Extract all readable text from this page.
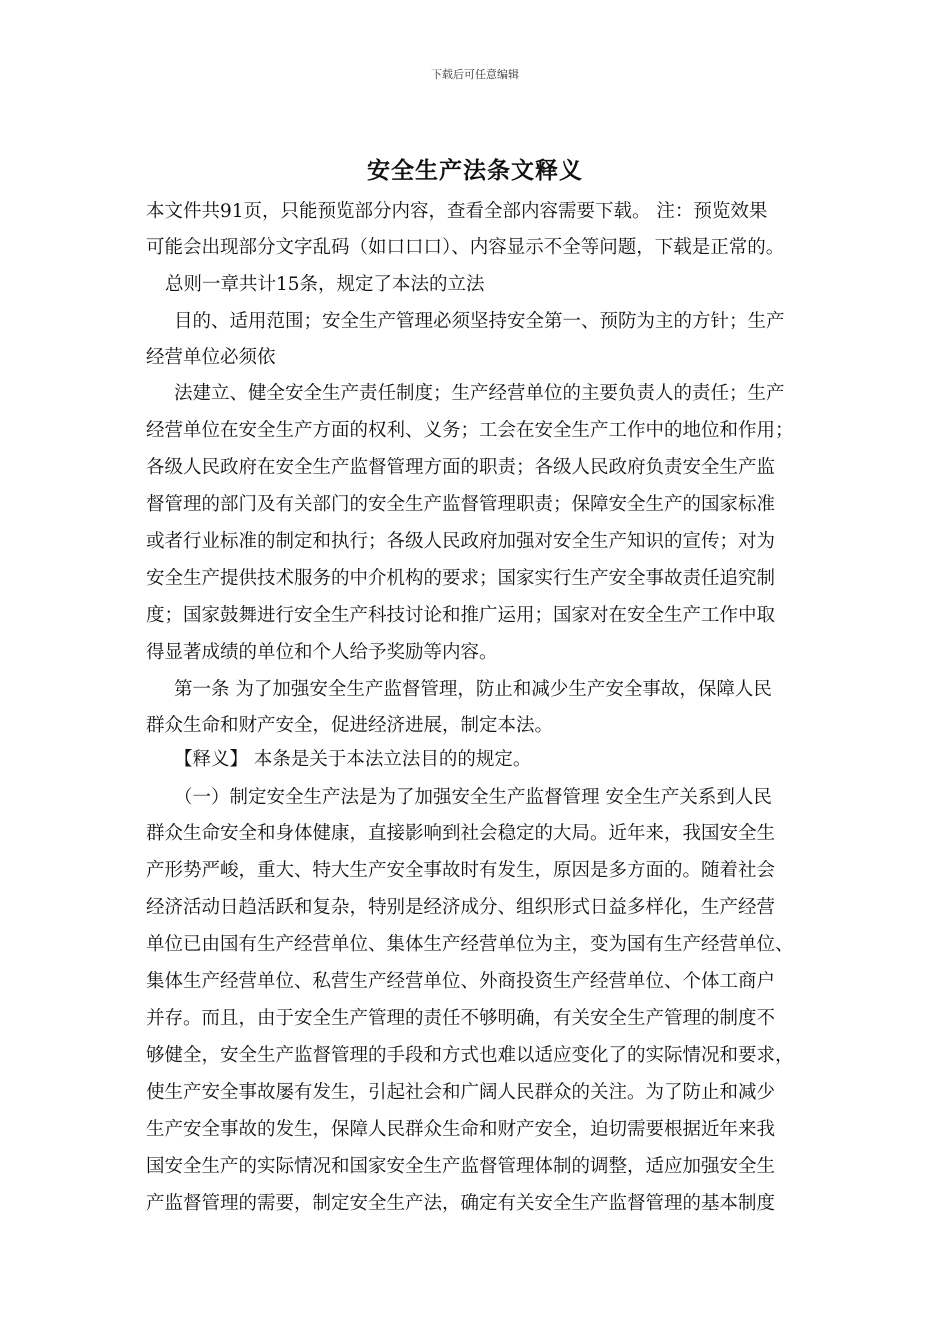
下载后可任意编辑
安全生产法条文释义
本文件共91页，只能预览部分内容，查看全部内容需要下载。 注：预览效果
可能会出现部分文字乱码（如口口口）、内容显示不全等问题，下载是正常的。
总则一章共计15条，规定了本法的立法
目的、适用范围；安全生产管理必须坚持安全第一、预防为主的方针；生产
经营单位必须依
法建立、健全安全生产责任制度；生产经营单位的主要负责人的责任；生产
经营单位在安全生产方面的权利、义务；工会在安全生产工作中的地位和作用；
各级人民政府在安全生产监督管理方面的职责；各级人民政府负责安全生产监
督管理的部门及有关部门的安全生产监督管理职责；保障安全生产的国家标准
或者行业标准的制定和执行；各级人民政府加强对安全生产知识的宣传；对为
安全生产提供技术服务的中介机构的要求；国家实行生产安全事故责任追究制
度；国家鼓舞进行安全生产科技讨论和推广运用；国家对在安全生产工作中取
得显著成绩的单位和个人给予奖励等内容。
第一条 为了加强安全生产监督管理，防止和减少生产安全事故，保障人民
群众生命和财产安全，促进经济进展，制定本法。
【释义】 本条是关于本法立法目的的规定。
（一）制定安全生产法是为了加强安全生产监督管理 安全生产关系到人民
群众生命安全和身体健康，直接影响到社会稳定的大局。近年来，我国安全生
产形势严峻，重大、特大生产安全事故时有发生，原因是多方面的。随着社会
经济活动日趋活跃和复杂，特别是经济成分、组织形式日益多样化，生产经营
单位已由国有生产经营单位、集体生产经营单位为主，变为国有生产经营单位、
集体生产经营单位、私营生产经营单位、外商投资生产经营单位、个体工商户
并存。而且，由于安全生产管理的责任不够明确，有关安全生产管理的制度不
够健全，安全生产监督管理的手段和方式也难以适应变化了的实际情况和要求，
使生产安全事故屡有发生，引起社会和广阔人民群众的关注。为了防止和减少
生产安全事故的发生，保障人民群众生命和财产安全，迫切需要根据近年来我
国安全生产的实际情况和国家安全生产监督管理体制的调整，适应加强安全生
产监督管理的需要，制定安全生产法，确定有关安全生产监督管理的基本制度
